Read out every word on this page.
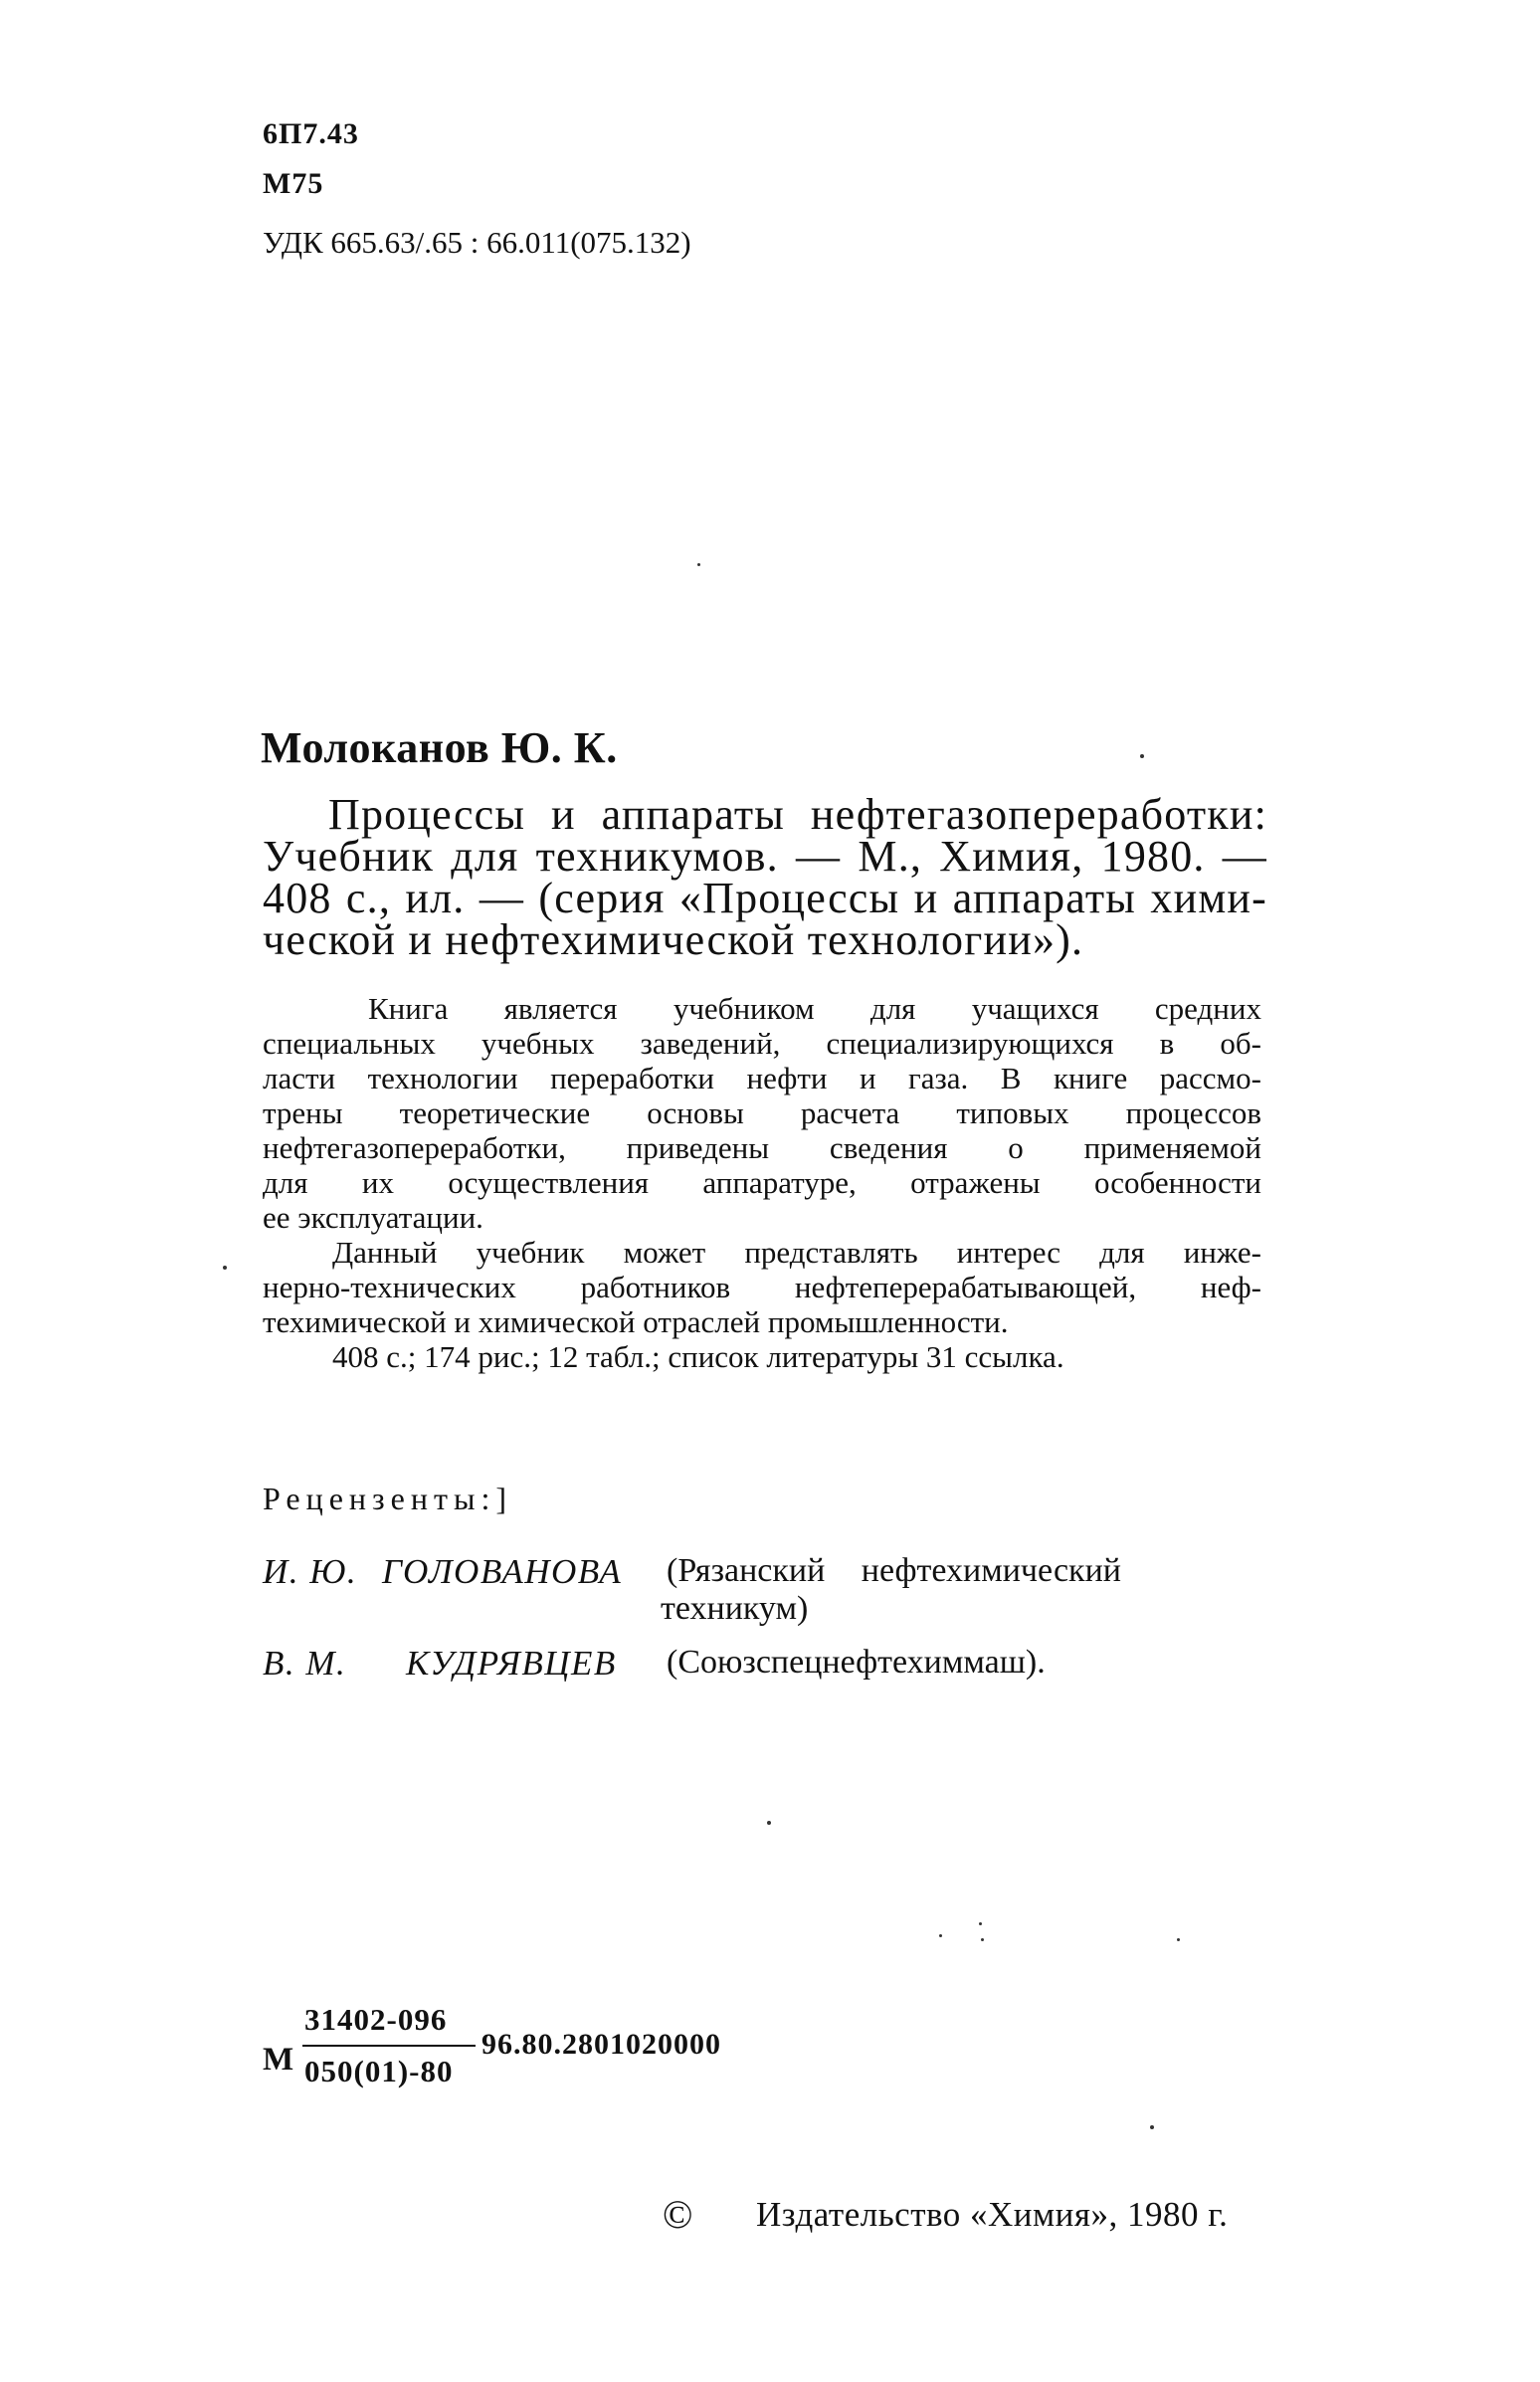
6П7.43
М75
УДК 665.63/.65 : 66.011(075.132)
Молоканов Ю. К.
Процессы и аппараты нефтегазопереработки:
Учебник для техникумов. — М., Химия, 1980. —
408 с., ил. — (серия «Процессы и аппараты хими-
ческой и нефтехимической технологии»).
Книга является учебником для учащихся средних
специальных учебных заведений, специализирующихся в об-
ласти технологии переработки нефти и газа. В книге рассмо-
трены теоретические основы расчета типовых процессов
нефтегазопереработки, приведены сведения о применяемой
для их осуществления аппаратуре, отражены особенности
ее эксплуатации.
Данный учебник может представлять интерес для инже-
нерно-технических работников нефтеперерабатывающей, неф-
техимической и химической отраслей промышленности.
408 с.; 174 рис.; 12 табл.; список литературы 31 ссылка.
Рецензенты:]
И. Ю. ГОЛОВАНОВА (Рязанский нефтехимический
техникум)
В. М. КУДРЯВЦЕВ (Союзспецнефтехиммаш).
М
31402-096
050(01)-80
96.80.2801020000
© Издательство «Химия», 1980 г.
